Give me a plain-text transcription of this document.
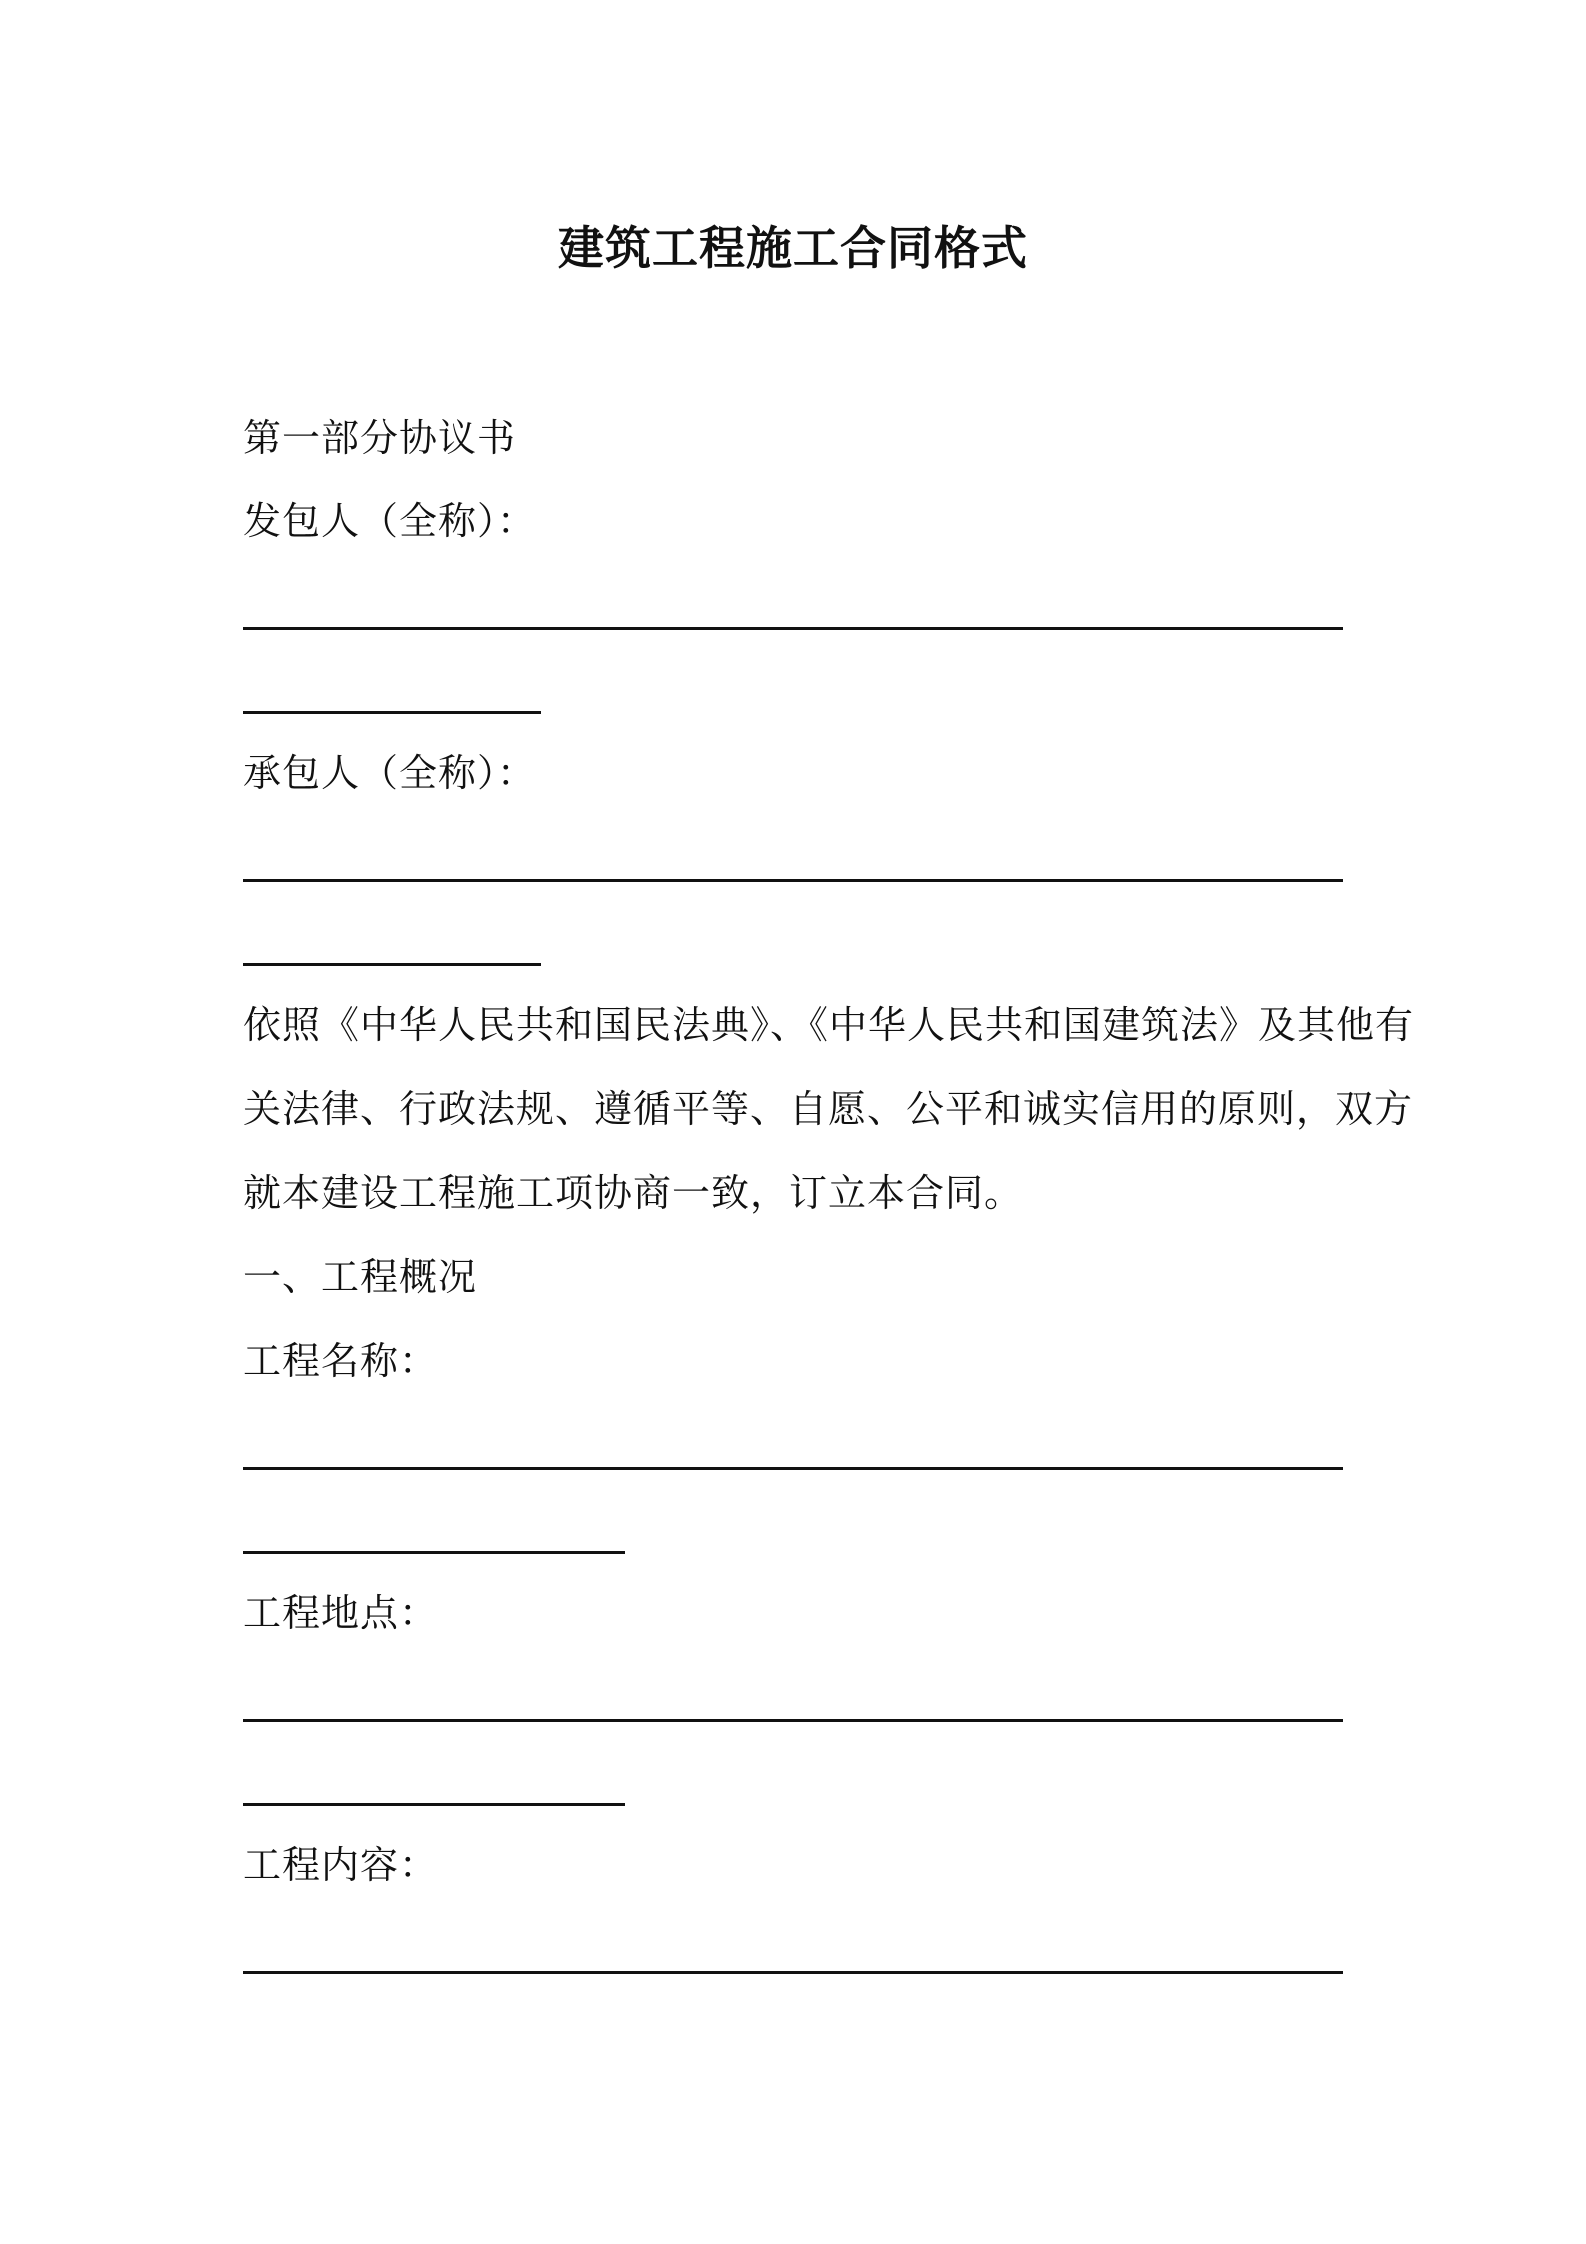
建筑工程施工合同格式
第一部分协议书
发包人（全称）：
承包人（全称）：
依照《中华人民共和国民法典》、《中华人民共和国建筑法》及其他有
关法律、行政法规、遵循平等、自愿、公平和诚实信用的原则，双方
就本建设工程施工项协商一致，订立本合同。
一、工程概况
工程名称：
工程地点：
工程内容：
